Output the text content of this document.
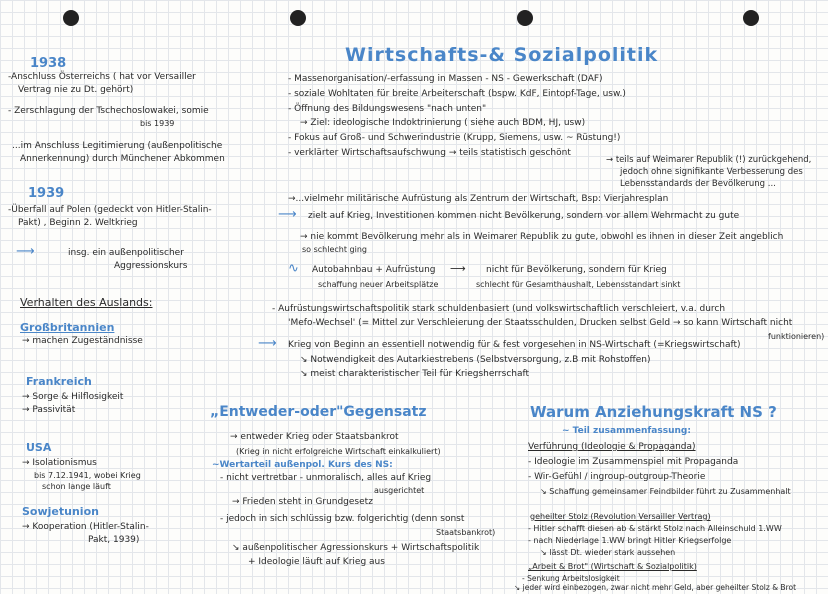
Wirtschafts-& Sozialpolitik
1938
-Anschluss Österreichs ( hat vor Versailler
Vertrag nie zu Dt. gehört)
- Zerschlagung der Tschechoslowakei, somie
bis 1939
...im Anschluss Legitimierung (außenpolitische
Annerkennung) durch Münchener Abkommen
1939
-Überfall auf Polen (gedeckt von Hitler-Stalin-
Pakt) , Beginn 2. Weltkrieg
⟶	insg. ein außenpolitischer
Aggressionskurs
Verhalten des Auslands:
Großbritannien
→ machen Zugeständnisse
Frankreich
→ Sorge & Hilflosigkeit
→ Passivität
USA
→ Isolationismus
bis 7.12.1941, wobei Krieg
schon lange läuft
Sowjetunion
→ Kooperation (Hitler-Stalin-
Pakt, 1939)
- Massenorganisation/-erfassung in Massen - NS - Gewerkschaft (DAF)
- soziale Wohltaten für breite Arbeiterschaft (bspw. KdF, Eintopf-Tage, usw.)
- Öffnung des Bildungswesens "nach unten"
→ Ziel: ideologische Indoktrinierung ( siehe auch BDM, HJ, usw)
- Fokus auf Groß- und Schwerindustrie (Krupp, Siemens, usw. ~ Rüstung!)
- verklärter Wirtschaftsaufschwung → teils statistisch geschönt
→ teils auf Weimarer Republik (!) zurückgehend,
jedoch ohne signifikante Verbesserung des
Lebensstandards der Bevölkerung ...
→...vielmehr militärische Aufrüstung als Zentrum der Wirtschaft, Bsp: Vierjahresplan
⟶ zielt auf Krieg, Investitionen kommen nicht Bevölkerung, sondern vor allem Wehrmacht zu gute
→ nie kommt Bevölkerung mehr als in Weimarer Republik zu gute, obwohl es ihnen in dieser Zeit angeblich
so schlecht ging
∿ Autobahnbau + Aufrüstung ⟶
schaffung neuer Arbeitsplätze
nicht für Bevölkerung, sondern für Krieg
schlecht für Gesamthaushalt, Lebensstandart sinkt
- Aufrüstungswirtschaftspolitik stark schuldenbasiert (und volkswirtschaftlich verschleiert, v.a. durch
'Mefo-Wechsel' (= Mittel zur Verschleierung der Staatsschulden, Drucken selbst Geld → so kann Wirtschaft nicht
funktionieren)
⟶ Krieg von Beginn an essentiell notwendig für & fest vorgesehen in NS-Wirtschaft (=Kriegswirtschaft)
↘ Notwendigkeit des Autarkiestrebens (Selbstversorgung, z.B mit Rohstoffen)
↘ meist charakteristischer Teil für Kriegsherrschaft
„Entweder-oder"Gegensatz
→ entweder Krieg oder Staatsbankrot
(Krieg in nicht erfolgreiche Wirtschaft einkalkuliert)
~Wertarteil außenpol. Kurs des NS:
- nicht vertretbar - unmoralisch, alles auf Krieg
ausgerichtet
→ Frieden steht in Grundgesetz
- jedoch in sich schlüssig bzw. folgerichtig (denn sonst
Staatsbankrot)
↘ außenpolitischer Agressionskurs + Wirtschaftspolitik
+ Ideologie läuft auf Krieg aus
Warum Anziehungskraft NS ?
~ Teil zusammenfassung:
Verführung (Ideologie & Propaganda)
- Ideologie im Zusammenspiel mit Propaganda
- Wir-Gefühl / ingroup-outgroup-Theorie
↘ Schaffung gemeinsamer Feindbilder führt zu Zusammenhalt
geheilter Stolz (Revolution Versailler Vertrag)
- Hitler schafft diesen ab & stärkt Stolz nach Alleinschuld 1.WW
- nach Niederlage 1.WW bringt Hitler Kriegserfolge
↘ lässt Dt. wieder stark aussehen
„Arbeit & Brot" (Wirtschaft & Sozialpolitik)
- Senkung Arbeitslosigkeit
↘ jeder wird einbezogen, zwar nicht mehr Geld, aber geheilter Stolz & Brot
